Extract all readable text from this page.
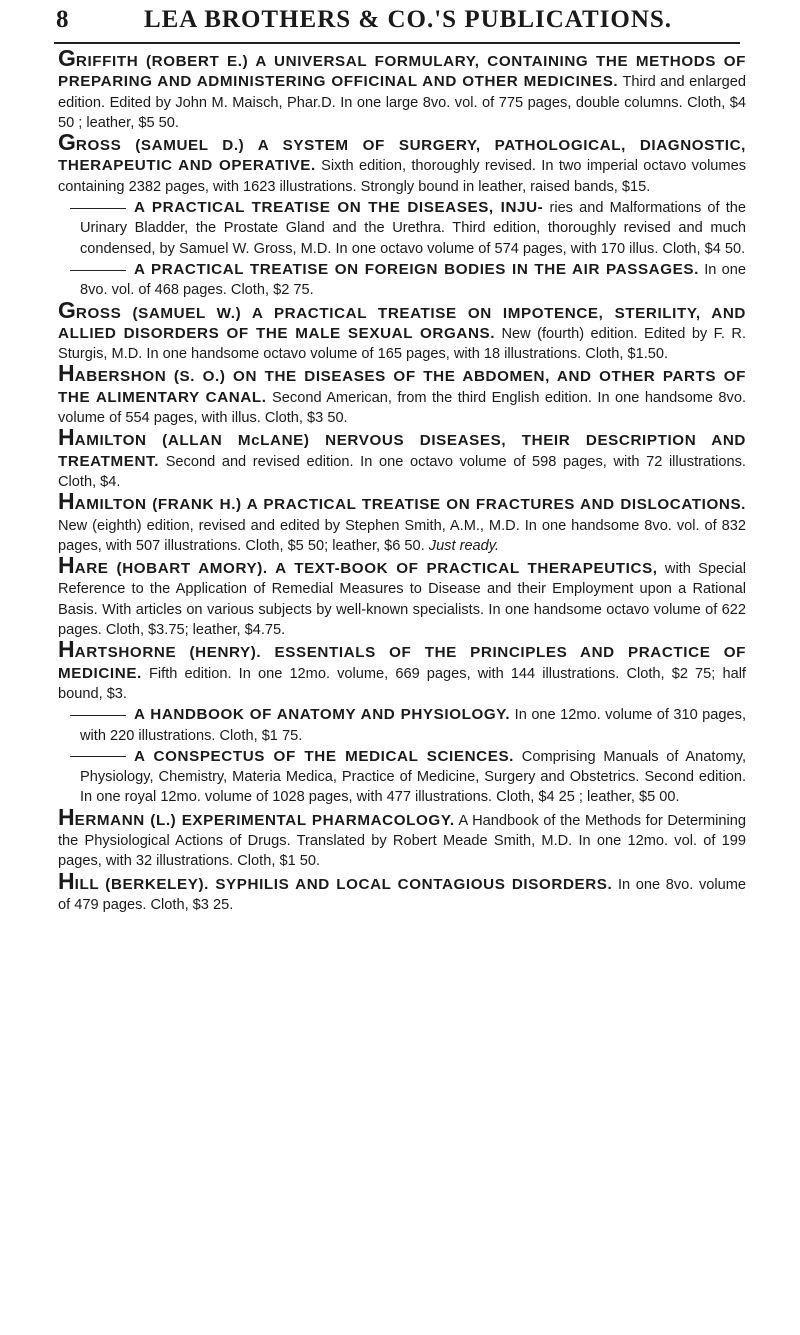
8	LEA BROTHERS & CO.'S PUBLICATIONS.

GRIFFITH (ROBERT E.) A UNIVERSAL FORMULARY, CONTAINING THE METHODS OF PREPARING AND ADMINISTERING OFFICINAL AND OTHER MEDICINES. Third and enlarged edition. Edited by John M. Maisch, Phar.D. In one large 8vo. vol. of 775 pages, double columns. Cloth, $4 50 ; leather, $5 50.

GROSS (SAMUEL D.) A SYSTEM OF SURGERY, PATHOLOGICAL, DIAGNOSTIC, THERAPEUTIC AND OPERATIVE. Sixth edition, thoroughly revised. In two imperial octavo volumes containing 2382 pages, with 1623 illustrations. Strongly bound in leather, raised bands, $15.

A PRACTICAL TREATISE ON THE DISEASES, INJU- ries and Malformations of the Urinary Bladder, the Prostate Gland and the Urethra. Third edition, thoroughly revised and much condensed, by Samuel W. Gross, M.D. In one octavo volume of 574 pages, with 170 illus. Cloth, $4 50.

A PRACTICAL TREATISE ON FOREIGN BODIES IN THE AIR PASSAGES. In one 8vo. vol. of 468 pages. Cloth, $2 75.

GROSS (SAMUEL W.) A PRACTICAL TREATISE ON IMPOTENCE, STERILITY, AND ALLIED DISORDERS OF THE MALE SEXUAL ORGANS. New (fourth) edition. Edited by F. R. Sturgis, M.D. In one handsome octavo volume of 165 pages, with 18 illustrations. Cloth, $1.50.

HABERSHON (S. O.) ON THE DISEASES OF THE ABDOMEN, AND OTHER PARTS OF THE ALIMENTARY CANAL. Second American, from the third English edition. In one handsome 8vo. volume of 554 pages, with illus. Cloth, $3 50.

HAMILTON (ALLAN McLANE) NERVOUS DISEASES, THEIR DESCRIPTION AND TREATMENT. Second and revised edition. In one octavo volume of 598 pages, with 72 illustrations. Cloth, $4.

HAMILTON (FRANK H.) A PRACTICAL TREATISE ON FRACTURES AND DISLOCATIONS. New (eighth) edition, revised and edited by Stephen Smith, A.M., M.D. In one handsome 8vo. vol. of 832 pages, with 507 illustrations. Cloth, $5 50; leather, $6 50. Just ready.

HARE (HOBART AMORY). A TEXT-BOOK OF PRACTICAL THERAPEUTICS, with Special Reference to the Application of Remedial Measures to Disease and their Employment upon a Rational Basis. With articles on various subjects by well-known specialists. In one handsome octavo volume of 622 pages. Cloth, $3.75; leather, $4.75.

HARTSHORNE (HENRY). ESSENTIALS OF THE PRINCIPLES AND PRACTICE OF MEDICINE. Fifth edition. In one 12mo. volume, 669 pages, with 144 illustrations. Cloth, $2 75; half bound, $3.

A HANDBOOK OF ANATOMY AND PHYSIOLOGY. In one 12mo. volume of 310 pages, with 220 illustrations. Cloth, $1 75.

A CONSPECTUS OF THE MEDICAL SCIENCES. Comprising Manuals of Anatomy, Physiology, Chemistry, Materia Medica, Practice of Medicine, Surgery and Obstetrics. Second edition. In one royal 12mo. volume of 1028 pages, with 477 illustrations. Cloth, $4 25 ; leather, $5 00.

HERMANN (L.) EXPERIMENTAL PHARMACOLOGY. A Handbook of the Methods for Determining the Physiological Actions of Drugs. Translated by Robert Meade Smith, M.D. In one 12mo. vol. of 199 pages, with 32 illustrations. Cloth, $1 50.

HILL (BERKELEY). SYPHILIS AND LOCAL CONTAGIOUS DISORDERS. In one 8vo. volume of 479 pages. Cloth, $3 25.
